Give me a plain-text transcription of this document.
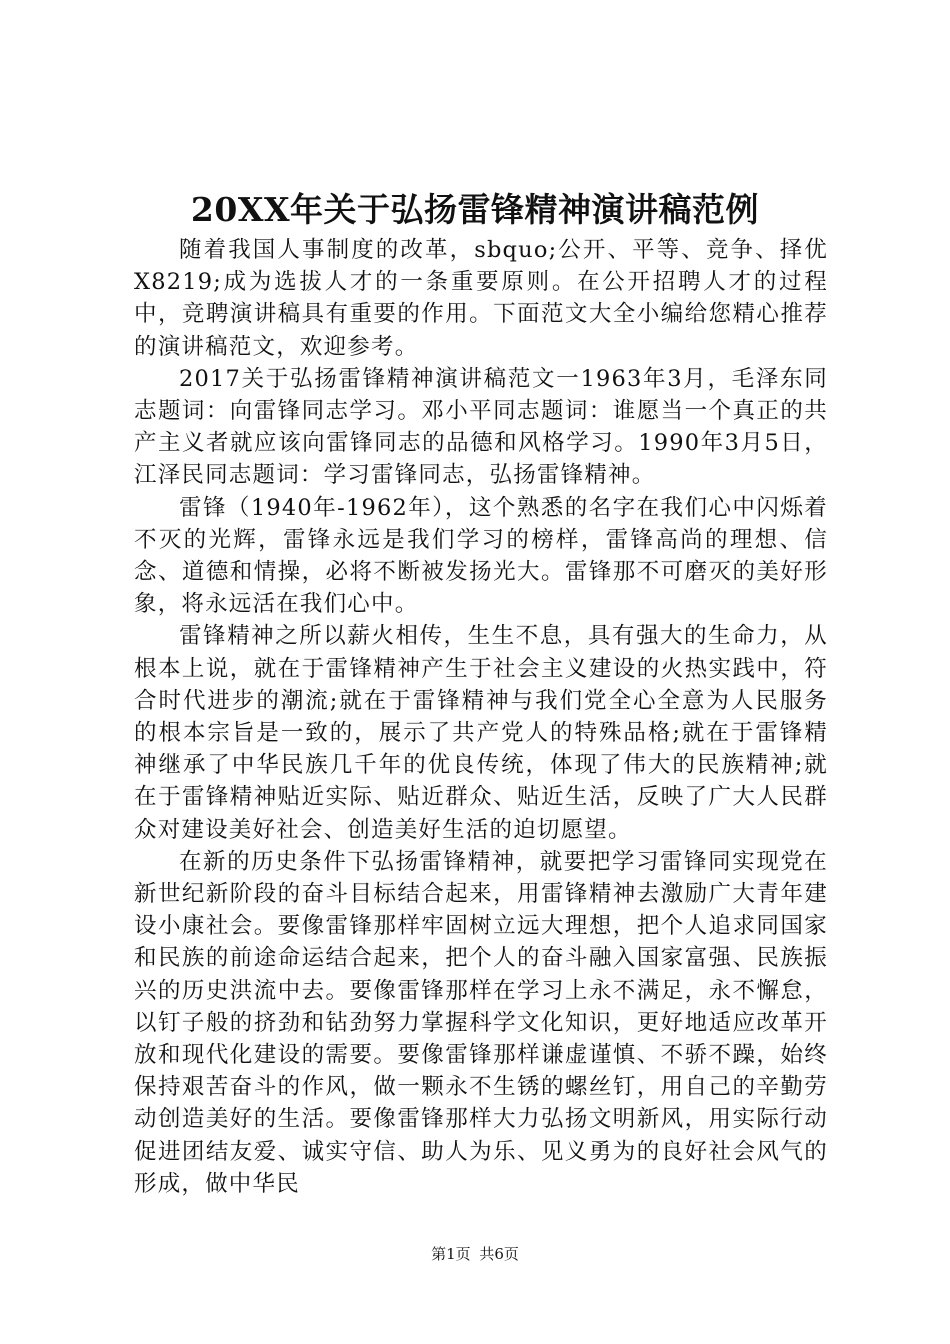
20XX年关于弘扬雷锋精神演讲稿范例

随着我国人事制度的改革，sbquo;公开、平等、竞争、择优X8219;成为选拔人才的一条重要原则。在公开招聘人才的过程中，竞聘演讲稿具有重要的作用。下面范文大全小编给您精心推荐的演讲稿范文，欢迎参考。

2017关于弘扬雷锋精神演讲稿范文一1963年3月，毛泽东同志题词：向雷锋同志学习。邓小平同志题词：谁愿当一个真正的共产主义者就应该向雷锋同志的品德和风格学习。1990年3月5日，江泽民同志题词：学习雷锋同志，弘扬雷锋精神。

雷锋（1940年-1962年），这个熟悉的名字在我们心中闪烁着不灭的光辉，雷锋永远是我们学习的榜样，雷锋高尚的理想、信念、道德和情操，必将不断被发扬光大。雷锋那不可磨灭的美好形象，将永远活在我们心中。

雷锋精神之所以薪火相传，生生不息，具有强大的生命力，从根本上说，就在于雷锋精神产生于社会主义建设的火热实践中，符合时代进步的潮流;就在于雷锋精神与我们党全心全意为人民服务的根本宗旨是一致的，展示了共产党人的特殊品格;就在于雷锋精神继承了中华民族几千年的优良传统，体现了伟大的民族精神;就在于雷锋精神贴近实际、贴近群众、贴近生活，反映了广大人民群众对建设美好社会、创造美好生活的迫切愿望。

在新的历史条件下弘扬雷锋精神，就要把学习雷锋同实现党在新世纪新阶段的奋斗目标结合起来，用雷锋精神去激励广大青年建设小康社会。要像雷锋那样牢固树立远大理想，把个人追求同国家和民族的前途命运结合起来，把个人的奋斗融入国家富强、民族振兴的历史洪流中去。要像雷锋那样在学习上永不满足，永不懈怠，以钉子般的挤劲和钻劲努力掌握科学文化知识，更好地适应改革开放和现代化建设的需要。要像雷锋那样谦虚谨慎、不骄不躁，始终保持艰苦奋斗的作风，做一颗永不生锈的螺丝钉，用自己的辛勤劳动创造美好的生活。要像雷锋那样大力弘扬文明新风，用实际行动促进团结友爱、诚实守信、助人为乐、见义勇为的良好社会风气的形成，做中华民

第1页 共6页
